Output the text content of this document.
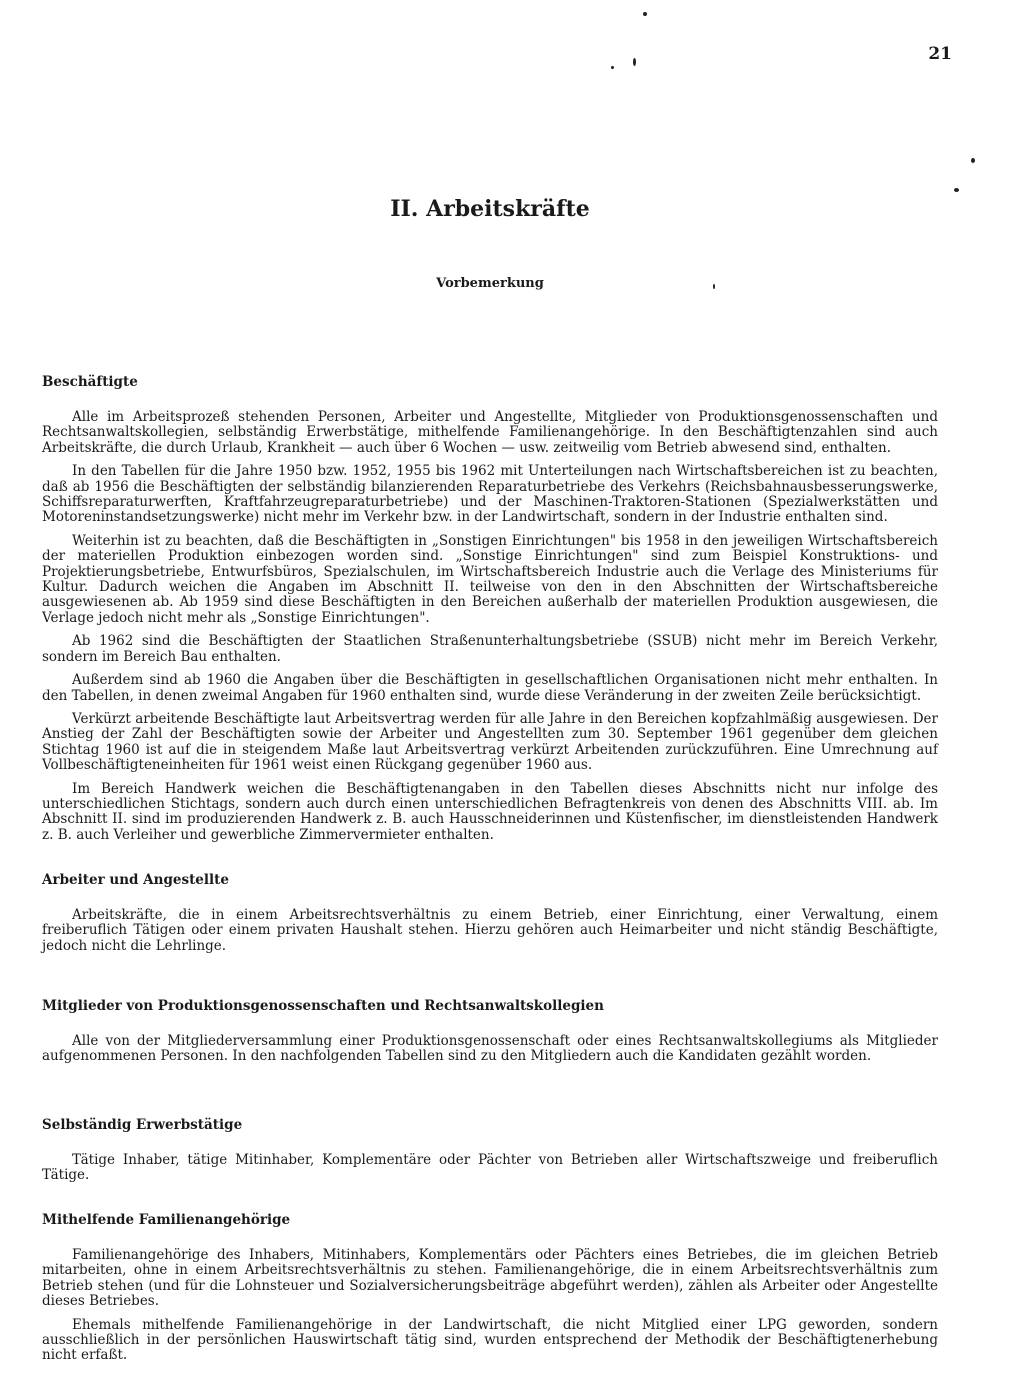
21
II. Arbeitskräfte
Vorbemerkung
Beschäftigte

Alle im Arbeitsprozeß stehenden Personen, Arbeiter und Angestellte, Mitglieder von Produktionsgenossenschaften und Rechtsanwaltskollegien, selbständig Erwerbstätige, mithelfende Familienangehörige. In den Beschäftigtenzahlen sind auch Arbeitskräfte, die durch Urlaub, Krankheit — auch über 6 Wochen — usw. zeitweilig vom Betrieb abwesend sind, enthalten.

In den Tabellen für die Jahre 1950 bzw. 1952, 1955 bis 1962 mit Unterteilungen nach Wirtschaftsbereichen ist zu beachten, daß ab 1956 die Beschäftigten der selbständig bilanzierenden Reparaturbetriebe des Verkehrs (Reichsbahnausbesserungswerke, Schiffsreparaturwerften, Kraftfahrzeugreparaturbetriebe) und der Maschinen-Traktoren-Stationen (Spezialwerkstätten und Motoreninstandsetzungswerke) nicht mehr im Verkehr bzw. in der Landwirtschaft, sondern in der Industrie enthalten sind.

Weiterhin ist zu beachten, daß die Beschäftigten in „Sonstigen Einrichtungen" bis 1958 in den jeweiligen Wirtschaftsbereich der materiellen Produktion einbezogen worden sind. „Sonstige Einrichtungen" sind zum Beispiel Konstruktions- und Projektierungsbetriebe, Entwurfsbüros, Spezialschulen, im Wirtschaftsbereich Industrie auch die Verlage des Ministeriums für Kultur. Dadurch weichen die Angaben im Abschnitt II. teilweise von den in den Abschnitten der Wirtschaftsbereiche ausgewiesenen ab. Ab 1959 sind diese Beschäftigten in den Bereichen außerhalb der materiellen Produktion ausgewiesen, die Verlage jedoch nicht mehr als „Sonstige Einrichtungen".

Ab 1962 sind die Beschäftigten der Staatlichen Straßenunterhaltungsbetriebe (SSUB) nicht mehr im Bereich Verkehr, sondern im Bereich Bau enthalten.

Außerdem sind ab 1960 die Angaben über die Beschäftigten in gesellschaftlichen Organisationen nicht mehr enthalten. In den Tabellen, in denen zweimal Angaben für 1960 enthalten sind, wurde diese Veränderung in der zweiten Zeile berücksichtigt.

Verkürzt arbeitende Beschäftigte laut Arbeitsvertrag werden für alle Jahre in den Bereichen kopfzahlmäßig ausgewiesen. Der Anstieg der Zahl der Beschäftigten sowie der Arbeiter und Angestellten zum 30. September 1961 gegenüber dem gleichen Stichtag 1960 ist auf die in steigendem Maße laut Arbeitsvertrag verkürzt Arbeitenden zurückzuführen. Eine Umrechnung auf Vollbeschäftigteneinheiten für 1961 weist einen Rückgang gegenüber 1960 aus.

Im Bereich Handwerk weichen die Beschäftigtenangaben in den Tabellen dieses Abschnitts nicht nur infolge des unterschiedlichen Stichtags, sondern auch durch einen unterschiedlichen Befragtenkreis von denen des Abschnitts VIII. ab. Im Abschnitt II. sind im produzierenden Handwerk z. B. auch Hausschneiderinnen und Küstenfischer, im dienstleistenden Handwerk z. B. auch Verleiher und gewerbliche Zimmervermieter enthalten.

Arbeiter und Angestellte

Arbeitskräfte, die in einem Arbeitsrechtsverhältnis zu einem Betrieb, einer Einrichtung, einer Verwaltung, einem freiberuflich Tätigen oder einem privaten Haushalt stehen. Hierzu gehören auch Heimarbeiter und nicht ständig Beschäftigte, jedoch nicht die Lehrlinge.

Mitglieder von Produktionsgenossenschaften und Rechtsanwaltskollegien

Alle von der Mitgliederversammlung einer Produktionsgenossenschaft oder eines Rechtsanwaltskollegiums als Mitglieder aufgenommenen Personen. In den nachfolgenden Tabellen sind zu den Mitgliedern auch die Kandidaten gezählt worden.

Selbständig Erwerbstätige

Tätige Inhaber, tätige Mitinhaber, Komplementäre oder Pächter von Betrieben aller Wirtschaftszweige und freiberuflich Tätige.

Mithelfende Familienangehörige

Familienangehörige des Inhabers, Mitinhabers, Komplementärs oder Pächters eines Betriebes, die im gleichen Betrieb mitarbeiten, ohne in einem Arbeitsrechtsverhältnis zu stehen. Familienangehörige, die in einem Arbeitsrechtsverhältnis zum Betrieb stehen (und für die Lohnsteuer und Sozialversicherungsbeiträge abgeführt werden), zählen als Arbeiter oder Angestellte dieses Betriebes.

Ehemals mithelfende Familienangehörige in der Landwirtschaft, die nicht Mitglied einer LPG geworden, sondern ausschließlich in der persönlichen Hauswirtschaft tätig sind, wurden entsprechend der Methodik der Beschäftigtenerhebung nicht erfaßt.
